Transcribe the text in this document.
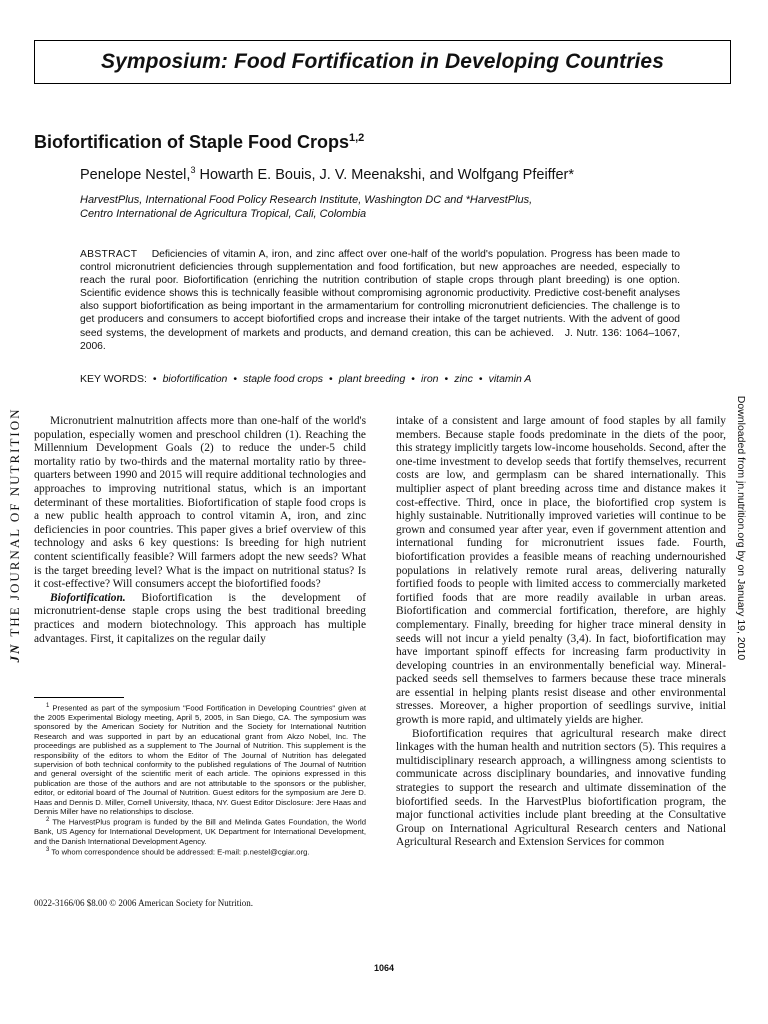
Symposium: Food Fortification in Developing Countries
Biofortification of Staple Food Crops$^{1,2}$
Penelope Nestel,$^3$ Howarth E. Bouis, J. V. Meenakshi, and Wolfgang Pfeiffer*
HarvestPlus, International Food Policy Research Institute, Washington DC and *HarvestPlus,
Centro International de Agricultura Tropical, Cali, Colombia
ABSTRACT Deficiencies of vitamin A, iron, and zinc affect over one-half of the world's population. Progress has been made to control micronutrient deficiencies through supplementation and food fortification, but new approaches are needed, especially to reach the rural poor. Biofortification (enriching the nutrition contribution of staple crops through plant breeding) is one option. Scientific evidence shows this is technically feasible without compromising agronomic productivity. Predictive cost-benefit analyses also support biofortification as being important in the armamentarium for controlling micronutrient deficiencies. The challenge is to get producers and consumers to accept biofortified crops and increase their intake of the target nutrients. With the advent of good seed systems, the development of markets and products, and demand creation, this can be achieved. J. Nutr. 136: 1064–1067, 2006.
KEY WORDS: • biofortification • staple food crops • plant breeding • iron • zinc • vitamin A
JNTHE JOURNAL OF NUTRITION	Downloaded from jn.nutrition.org by on January 19, 2010

Micronutrient malnutrition affects more than one-half of the world's population, especially women and preschool children (1). Reaching the Millennium Development Goals (2) to reduce the under-5 child mortality ratio by two-thirds and the maternal mortality ratio by three-quarters between 1990 and 2015 will require additional technologies and approaches to improving nutritional status, which is an important determinant of these mortalities. Biofortification of staple food crops is a new public health approach to control vitamin A, iron, and zinc deficiencies in poor countries. This paper gives a brief overview of this technology and asks 6 key questions: Is breeding for high nutrient content scientifically feasible? Will farmers adopt the new seeds? What is the target breeding level? What is the impact on nutritional status? Is it cost-effective? Will consumers accept the biofortified foods?

Biofortification. Biofortification is the development of micronutrient-dense staple crops using the best traditional breeding practices and modern biotechnology. This approach has multiple advantages. First, it capitalizes on the regular daily

$^1$ Presented as part of the symposium "Food Fortification in Developing Countries" given at the 2005 Experimental Biology meeting, April 5, 2005, in San Diego, CA. The symposium was sponsored by the American Society for Nutrition and the Society for International Nutrition Research and was supported in part by an educational grant from Akzo Nobel, Inc. The proceedings are published as a supplement to The Journal of Nutrition. This supplement is the responsibility of the editors to whom the Editor of The Journal of Nutrition has delegated supervision of both technical conformity to the published regulations of The Journal of Nutrition and general oversight of the scientific merit of each article. The opinions expressed in this publication are those of the authors and are not attributable to the sponsors or the publisher, editor, or editorial board of The Journal of Nutrition. Guest editors for the symposium are Jere D. Haas and Dennis D. Miller, Cornell University, Ithaca, NY. Guest Editor Disclosure: Jere Haas and Dennis Miller have no relationships to disclose.

$^2$ The HarvestPlus program is funded by the Bill and Melinda Gates Foundation, the World Bank, US Agency for International Development, UK Department for International Development, and the Danish International Development Agency.

$^3$ To whom correspondence should be addressed: E-mail: p.nestel@cgiar.org.

intake of a consistent and large amount of food staples by all family members. Because staple foods predominate in the diets of the poor, this strategy implicitly targets low-income households. Second, after the one-time investment to develop seeds that fortify themselves, recurrent costs are low, and germplasm can be shared internationally. This multiplier aspect of plant breeding across time and distance makes it cost-effective. Third, once in place, the biofortified crop system is highly sustainable. Nutritionally improved varieties will continue to be grown and consumed year after year, even if government attention and international funding for micronutrient issues fade. Fourth, biofortification provides a feasible means of reaching undernourished populations in relatively remote rural areas, delivering naturally fortified foods to people with limited access to commercially marketed fortified foods that are more readily available in urban areas. Biofortification and commercial fortification, therefore, are highly complementary. Finally, breeding for higher trace mineral density in seeds will not incur a yield penalty (3,4). In fact, biofortification may have important spinoff effects for increasing farm productivity in developing countries in an environmentally beneficial way. Mineral-packed seeds sell themselves to farmers because these trace minerals are essential in helping plants resist disease and other environmental stresses. Moreover, a higher proportion of seedlings survive, initial growth is more rapid, and ultimately yields are higher.

Biofortification requires that agricultural research make direct linkages with the human health and nutrition sectors (5). This requires a multidisciplinary research approach, a willingness among scientists to communicate across disciplinary boundaries, and innovative funding strategies to support the research and ultimate dissemination of the biofortified seeds. In the HarvestPlus biofortification program, the major functional activities include plant breeding at the Consultative Group on International Agricultural Research centers and National Agricultural Research and Extension Services for common

0022-3166/06 $8.00 © 2006 American Society for Nutrition.
1064
